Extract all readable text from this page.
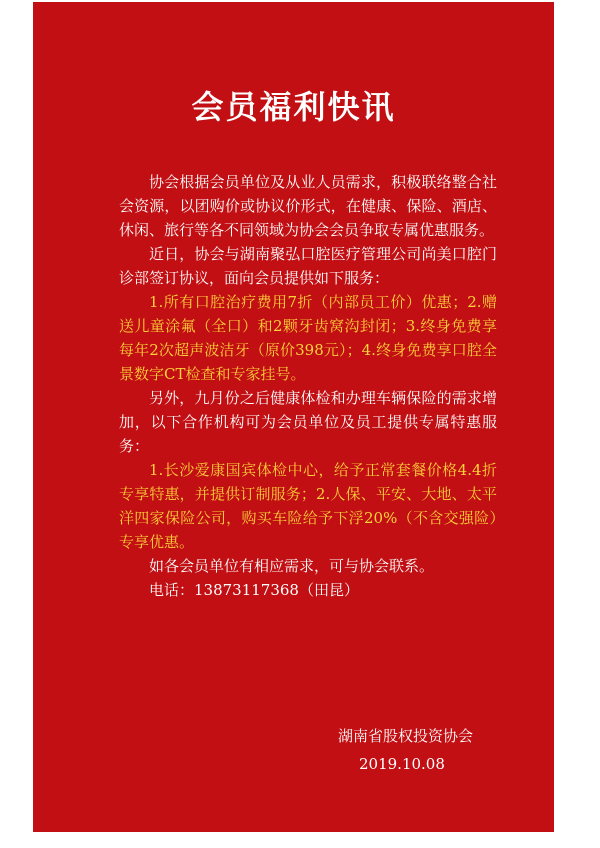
会员福利快讯

协会根据会员单位及从业人员需求，积极联络整合社会资源，以团购价或协议价形式，在健康、保险、酒店、休闲、旅行等各不同领域为协会会员争取专属优惠服务。

近日，协会与湖南聚弘口腔医疗管理公司尚美口腔门诊部签订协议，面向会员提供如下服务：

1.所有口腔治疗费用7折（内部员工价）优惠；2.赠送儿童涂氟（全口）和2颗牙齿窝沟封闭；3.终身免费享每年2次超声波洁牙（原价398元）；4.终身免费享口腔全景数字CT检查和专家挂号。

另外，九月份之后健康体检和办理车辆保险的需求增加，以下合作机构可为会员单位及员工提供专属特惠服务：

1.长沙爱康国宾体检中心，给予正常套餐价格4.4折专享特惠，并提供订制服务；2.人保、平安、大地、太平洋四家保险公司，购买车险给予下浮20%（不含交强险）专享优惠。

如各会员单位有相应需求，可与协会联系。

电话：13873117368（田昆）

湖南省股权投资协会
2019.10.08
